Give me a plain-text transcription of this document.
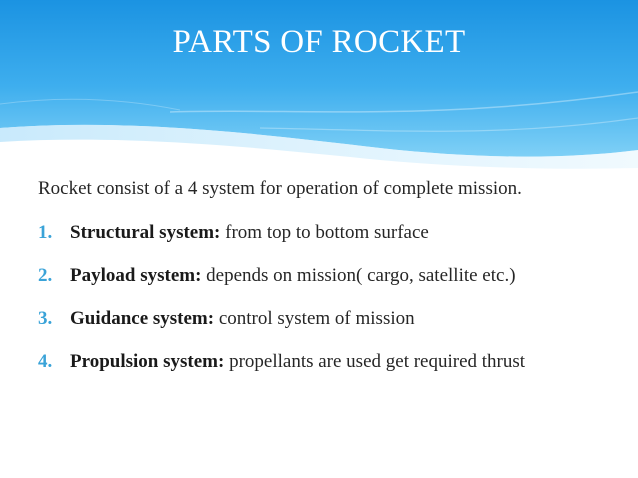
PARTS OF ROCKET

Rocket consist of a 4 system for operation of complete mission.

1. Structural system: from top to bottom surface
2. Payload system: depends on mission( cargo, satellite etc.)
3. Guidance system: control system of mission
4. Propulsion system: propellants are used get required thrust
